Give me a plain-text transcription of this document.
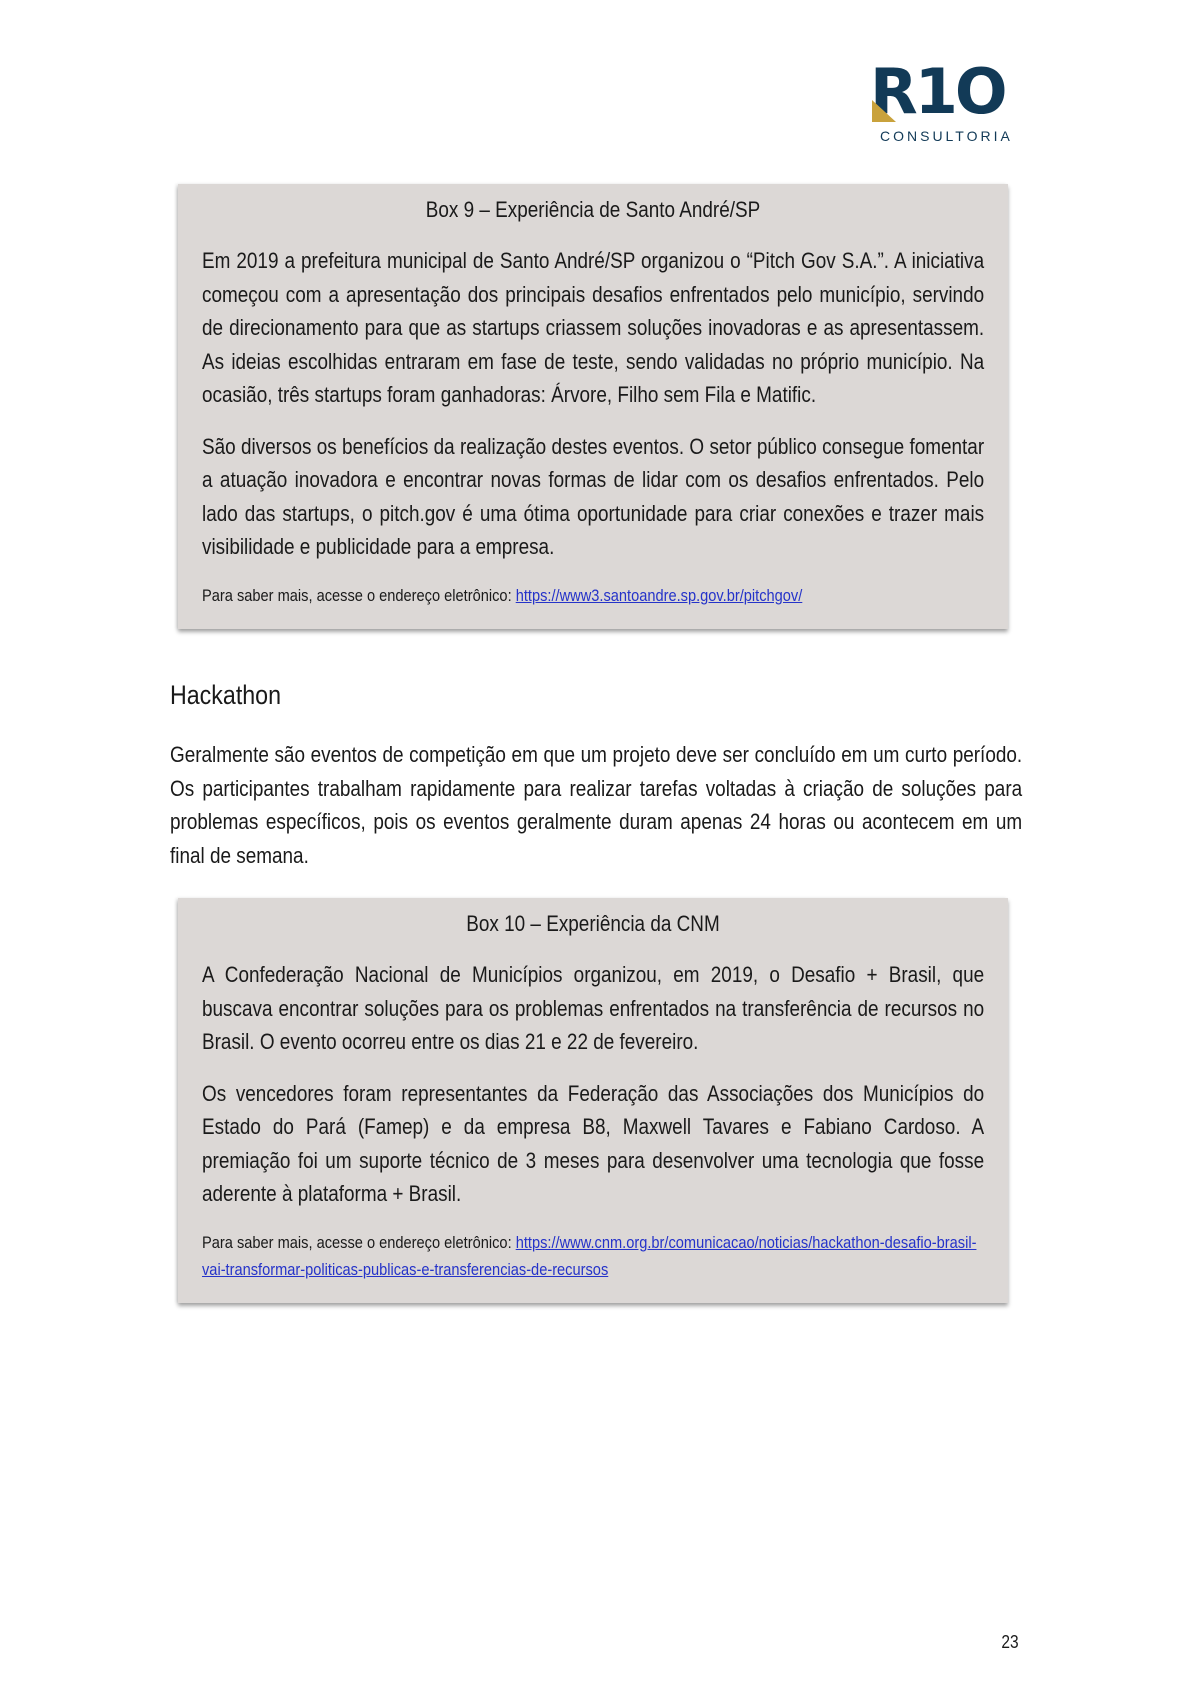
R1O
CONSULTORIA
Box 9 – Experiência de Santo André/SP

Em 2019 a prefeitura municipal de Santo André/SP organizou o “Pitch Gov S.A.”. A iniciativa começou com a apresentação dos principais desafios enfrentados pelo município, servindo de direcionamento para que as startups criassem soluções inovadoras e as apresentassem. As ideias escolhidas entraram em fase de teste, sendo validadas no próprio município. Na ocasião, três startups foram ganhadoras: Árvore, Filho sem Fila e Matific.

São diversos os benefícios da realização destes eventos. O setor público consegue fomentar a atuação inovadora e encontrar novas formas de lidar com os desafios enfrentados. Pelo lado das startups, o pitch.gov é uma ótima oportunidade para criar conexões e trazer mais visibilidade e publicidade para a empresa.

Para saber mais, acesse o endereço eletrônico: https://www3.santoandre.sp.gov.br/pitchgov/

Hackathon

Geralmente são eventos de competição em que um projeto deve ser concluído em um curto período. Os participantes trabalham rapidamente para realizar tarefas voltadas à criação de soluções para problemas específicos, pois os eventos geralmente duram apenas 24 horas ou acontecem em um final de semana.

Box 10 – Experiência da CNM

A Confederação Nacional de Municípios organizou, em 2019, o Desafio + Brasil, que buscava encontrar soluções para os problemas enfrentados na transferência de recursos no Brasil. O evento ocorreu entre os dias 21 e 22 de fevereiro.

Os vencedores foram representantes da Federação das Associações dos Municípios do Estado do Pará (Famep) e da empresa B8, Maxwell Tavares e Fabiano Cardoso. A premiação foi um suporte técnico de 3 meses para desenvolver uma tecnologia que fosse aderente à plataforma + Brasil.

Para saber mais, acesse o endereço eletrônico: https://www.cnm.org.br/comunicacao/noticias/hackathon-desafio-brasil-vai-transformar-politicas-publicas-e-transferencias-de-recursos

23
